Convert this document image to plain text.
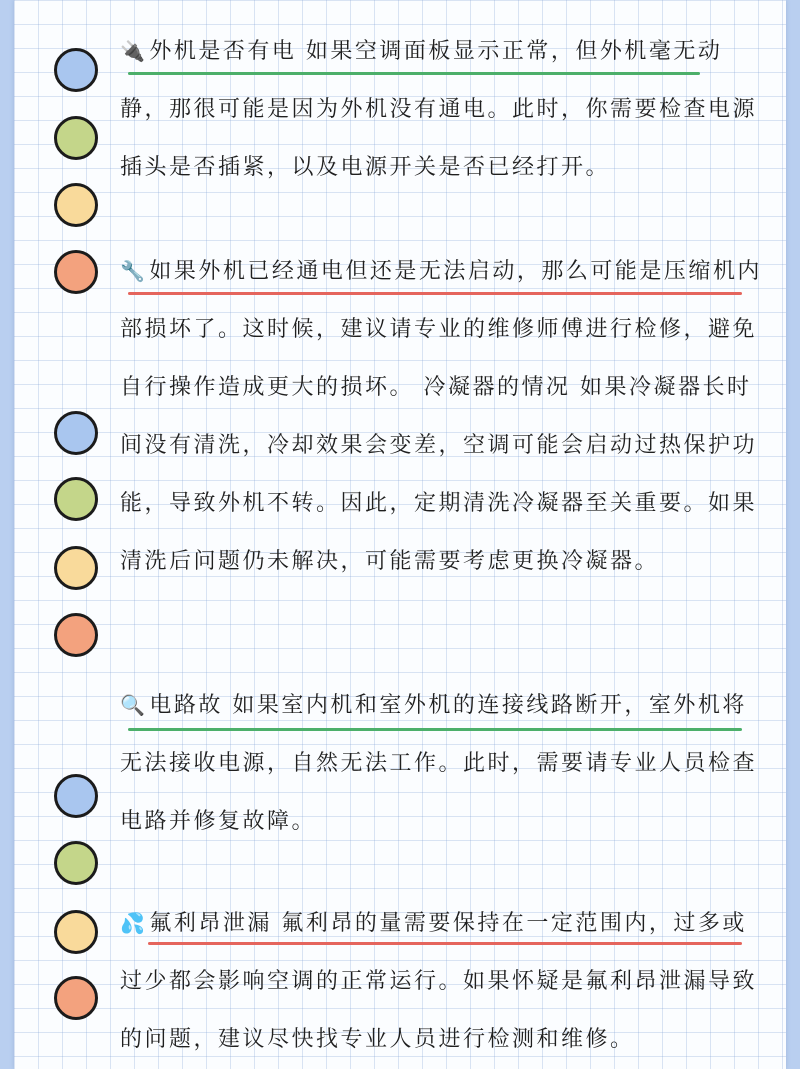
🔌外机是否有电 如果空调面板显示正常，但外机毫无动静，那很可能是因为外机没有通电。此时，你需要检查电源插头是否插紧，以及电源开关是否已经打开。

🔧如果外机已经通电但还是无法启动，那么可能是压缩机内部损坏了。这时候，建议请专业的维修师傅进行检修，避免自行操作造成更大的损坏。 冷凝器的情况 如果冷凝器长时间没有清洗，冷却效果会变差，空调可能会启动过热保护功能，导致外机不转。因此，定期清洗冷凝器至关重要。如果清洗后问题仍未解决，可能需要考虑更换冷凝器。

🔍电路故 如果室内机和室外机的连接线路断开，室外机将无法接收电源，自然无法工作。此时，需要请专业人员检查电路并修复故障。

💦氟利昂泄漏 氟利昂的量需要保持在一定范围内，过多或过少都会影响空调的正常运行。如果怀疑是氟利昂泄漏导致的问题，建议尽快找专业人员进行检测和维修。
